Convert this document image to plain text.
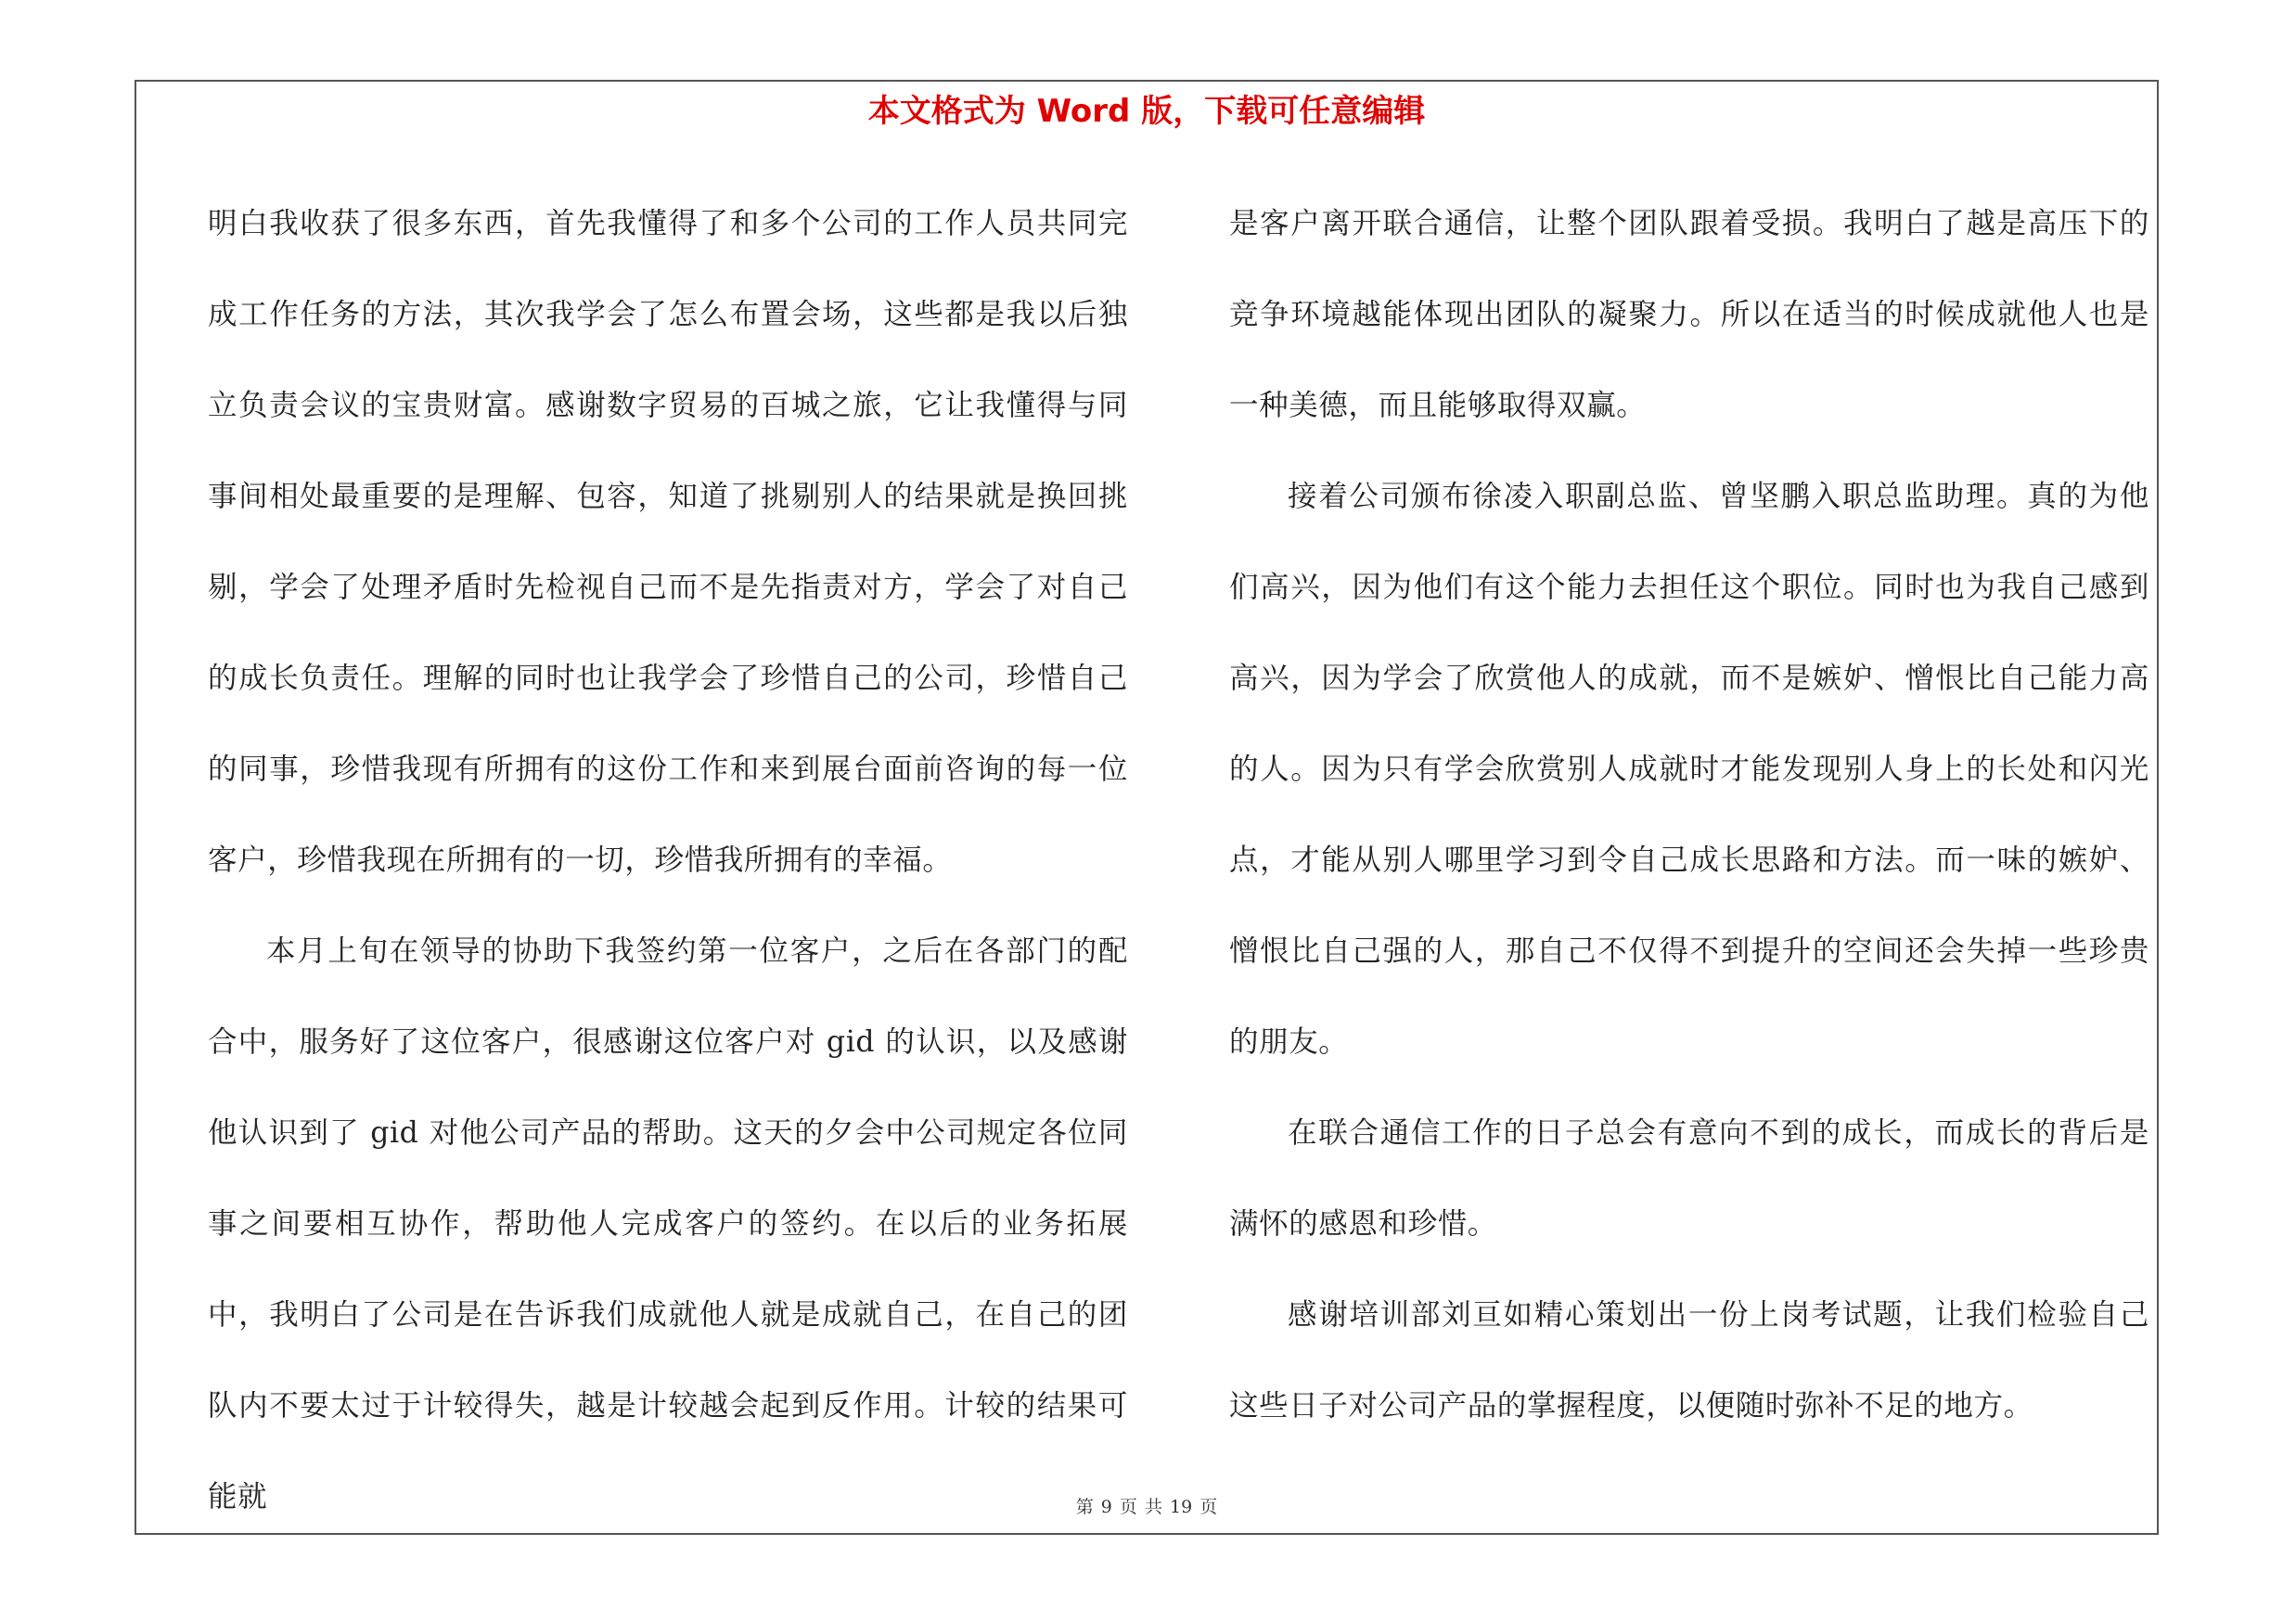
本文格式为 Word 版，下载可任意编辑

明白我收获了很多东西，首先我懂得了和多个公司的工作人员共同完成工作任务的方法，其次我学会了怎么布置会场，这些都是我以后独立负责会议的宝贵财富。感谢数字贸易的百城之旅，它让我懂得与同事间相处最重要的是理解、包容，知道了挑剔别人的结果就是换回挑剔，学会了处理矛盾时先检视自己而不是先指责对方，学会了对自己的成长负责任。理解的同时也让我学会了珍惜自己的公司，珍惜自己的同事，珍惜我现有所拥有的这份工作和来到展台面前咨询的每一位客户，珍惜我现在所拥有的一切，珍惜我所拥有的幸福。

本月上旬在领导的协助下我签约第一位客户，之后在各部门的配合中，服务好了这位客户，很感谢这位客户对 gid 的认识，以及感谢他认识到了 gid 对他公司产品的帮助。这天的夕会中公司规定各位同事之间要相互协作，帮助他人完成客户的签约。在以后的业务拓展中，我明白了公司是在告诉我们成就他人就是成就自己，在自己的团队内不要太过于计较得失，越是计较越会起到反作用。计较的结果可能就

是客户离开联合通信，让整个团队跟着受损。我明白了越是高压下的竞争环境越能体现出团队的凝聚力。所以在适当的时候成就他人也是一种美德，而且能够取得双赢。

接着公司颁布徐凌入职副总监、曾坚鹏入职总监助理。真的为他们高兴，因为他们有这个能力去担任这个职位。同时也为我自己感到高兴，因为学会了欣赏他人的成就，而不是嫉妒、憎恨比自己能力高的人。因为只有学会欣赏别人成就时才能发现别人身上的长处和闪光点，才能从别人哪里学习到令自己成长思路和方法。而一味的嫉妒、憎恨比自己强的人，那自己不仅得不到提升的空间还会失掉一些珍贵的朋友。

在联合通信工作的日子总会有意向不到的成长，而成长的背后是满怀的感恩和珍惜。

感谢培训部刘亘如精心策划出一份上岗考试题，让我们检验自己这些日子对公司产品的掌握程度，以便随时弥补不足的地方。

第 9 页 共 19 页
